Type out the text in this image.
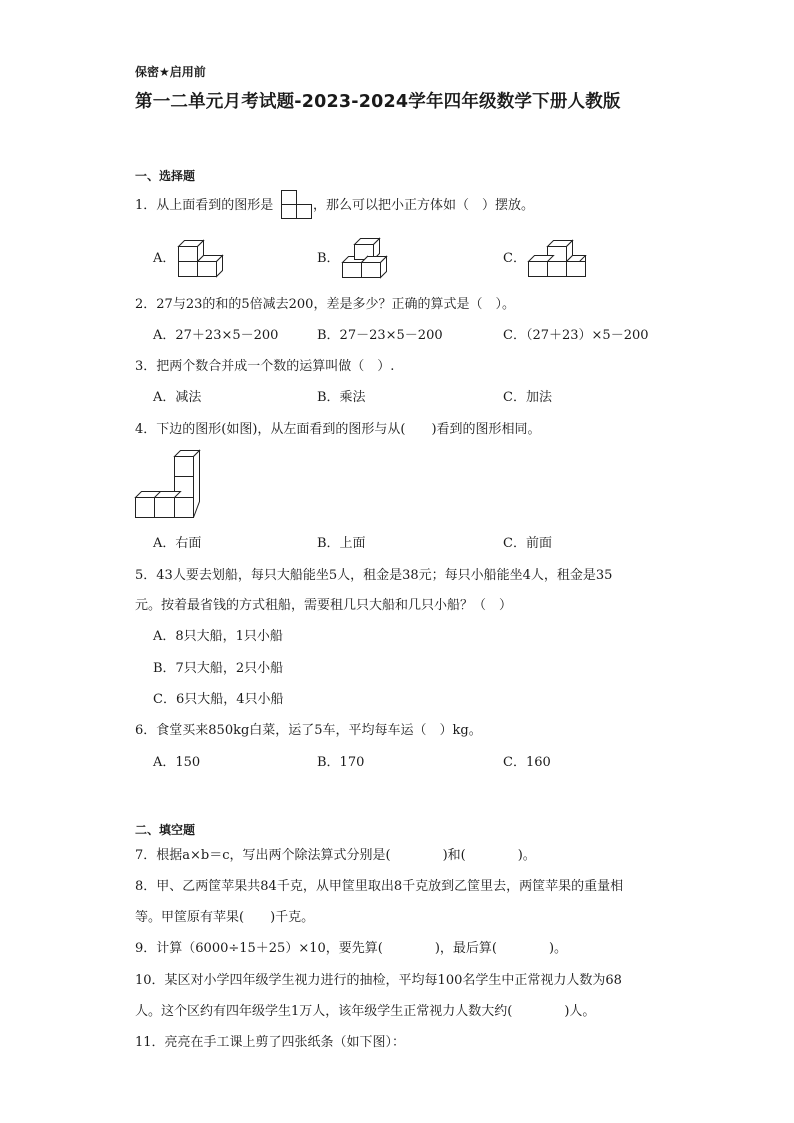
保密★启用前
第一二单元月考试题-2023-2024学年四年级数学下册人教版
一、选择题
1．从上面看到的图形是	，那么可以把小正方体如（　）摆放。
A．	B．	C．
2．27与23的和的5倍减去200，差是多少？正确的算式是（　）。
A．27＋23×5－200	B．27－23×5－200	C．（27＋23）×5－200
3．把两个数合并成一个数的运算叫做（　）.
A．减法	B．乘法	C．加法
4．下边的图形(如图)，从左面看到的图形与从(　　)看到的图形相同。
A．右面	B．上面	C．前面
5．43人要去划船，每只大船能坐5人，租金是38元；每只小船能坐4人，租金是35
元。按着最省钱的方式租船，需要租几只大船和几只小船？（　）
A．8只大船，1只小船
B．7只大船，2只小船
C．6只大船，4只小船
6．食堂买来850kg白菜，运了5车，平均每车运（　）kg。
A．150	B．170	C．160
二、填空题
7．根据a×b＝c，写出两个除法算式分别是(　　　　)和(　　　　)。
8．甲、乙两筐苹果共84千克，从甲筐里取出8千克放到乙筐里去，两筐苹果的重量相
等。甲筐原有苹果(　　)千克。
9．计算（6000÷15＋25）×10，要先算(　　　　)，最后算(　　　　)。
10．某区对小学四年级学生视力进行的抽检，平均每100名学生中正常视力人数为68
人。这个区约有四年级学生1万人，该年级学生正常视力人数大约(　　　　)人。
11．亮亮在手工课上剪了四张纸条（如下图）：
